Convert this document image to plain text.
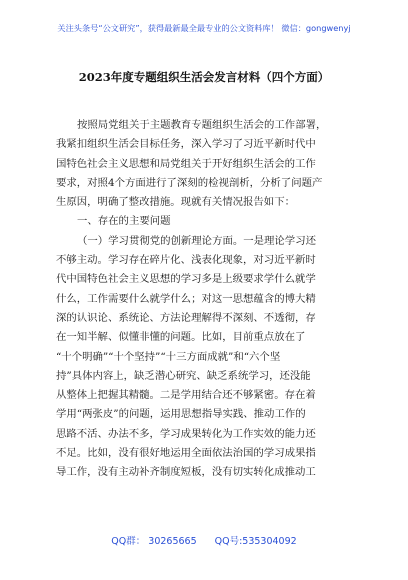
关注头条号“公文研究”，获得最新最全最专业的公文资料库！ 微信：gongwenyj
2023年度专题组织生活会发言材料（四个方面）
按照局党组关于主题教育专题组织生活会的工作部署，
我紧扣组织生活会目标任务，深入学习了习近平新时代中
国特色社会主义思想和局党组关于开好组织生活会的工作
要求，对照4个方面进行了深刻的检视剖析，分析了问题产
生原因，明确了整改措施。现就有关情况报告如下：
一、存在的主要问题
（一）学习贯彻党的创新理论方面。一是理论学习还
不够主动。学习存在碎片化、浅表化现象，对习近平新时
代中国特色社会主义思想的学习多是上级要求学什么就学
什么，工作需要什么就学什么；对这一思想蕴含的博大精
深的认识论、系统论、方法论理解得不深刻、不透彻，存
在一知半解、似懂非懂的问题。比如，目前重点放在了
“十个明确”“十个坚持”“十三方面成就”和“六个坚
持”具体内容上，缺乏潜心研究、缺乏系统学习，还没能
从整体上把握其精髓。二是学用结合还不够紧密。存在着
学用“两张皮”的问题，运用思想指导实践、推动工作的
思路不活、办法不多，学习成果转化为工作实效的能力还
不足。比如，没有很好地运用全面依法治国的学习成果指
导工作，没有主动补齐制度短板，没有切实转化成推动工
QQ群： 30265665 QQ号:535304092
